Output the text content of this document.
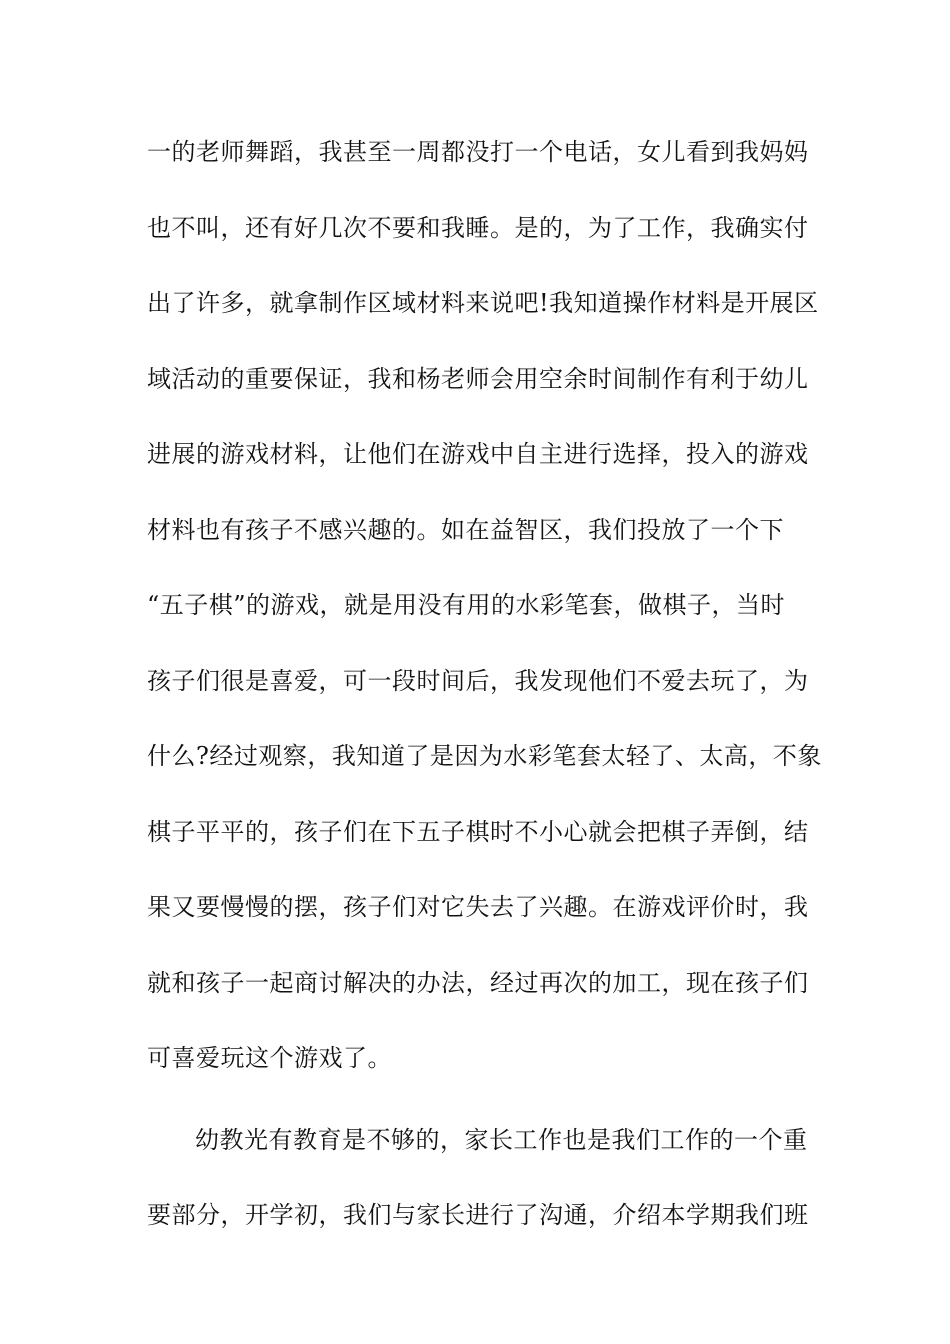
一的老师舞蹈，我甚至一周都没打一个电话，女儿看到我妈妈
也不叫，还有好几次不要和我睡。是的，为了工作，我确实付
出了许多，就拿制作区域材料来说吧!我知道操作材料是开展区
域活动的重要保证，我和杨老师会用空余时间制作有利于幼儿
进展的游戏材料，让他们在游戏中自主进行选择，投入的游戏
材料也有孩子不感兴趣的。如在益智区，我们投放了一个下
“五子棋”的游戏，就是用没有用的水彩笔套，做棋子，当时
孩子们很是喜爱，可一段时间后，我发现他们不爱去玩了，为
什么?经过观察，我知道了是因为水彩笔套太轻了、太高，不象
棋子平平的，孩子们在下五子棋时不小心就会把棋子弄倒，结
果又要慢慢的摆，孩子们对它失去了兴趣。在游戏评价时，我
就和孩子一起商讨解决的办法，经过再次的加工，现在孩子们
可喜爱玩这个游戏了。
幼教光有教育是不够的，家长工作也是我们工作的一个重
要部分，开学初，我们与家长进行了沟通，介绍本学期我们班
